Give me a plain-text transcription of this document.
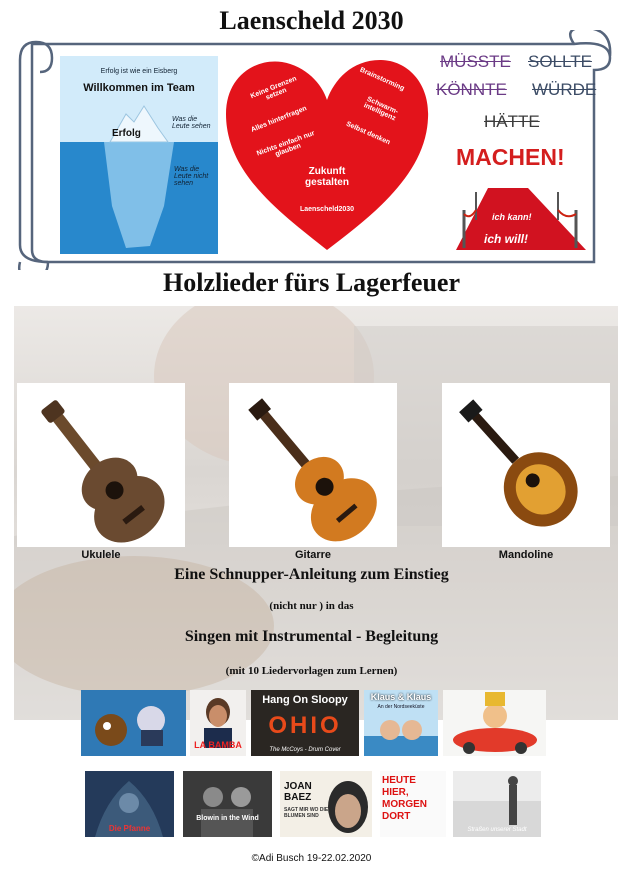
Laenscheld 2030
Erfolg ist wie ein Eisberg
Willkommen im Team
Erfolg
Was die Leute sehen
Was die Leute nicht sehen
Keine Grenzen setzen
Alles hinterfragen
Nichts einfach nur glauben
Brainstorming
Schwarm-intelligenz
Selbst denken
Zukunft gestalten
Laenscheld2030
MÜSSTE SOLLTE
KÖNNTE WÜRDE
HÄTTE
MACHEN!
ich kann!
ich will!
Holzlieder fürs Lagerfeuer
Ukulele	Gitarre	Mandoline
Eine Schnupper-Anleitung zum Einstieg
(nicht nur ) in das
Singen mit Instrumental - Begleitung
(mit 10 Liedervorlagen zum Lernen)
LA BAMBA
Hang On Sloopy
OHIO
The McCoys - Drum Cover
Klaus & Klaus
An der Nordseeküste
Die Pfanne
Blowin in the Wind
JOAN BAEZ
SAGT MIR WO DIE BLUMEN SIND
HEUTE HIER, MORGEN DORT
Straßen unserer Stadt
©Adi Busch 19-22.02.2020
